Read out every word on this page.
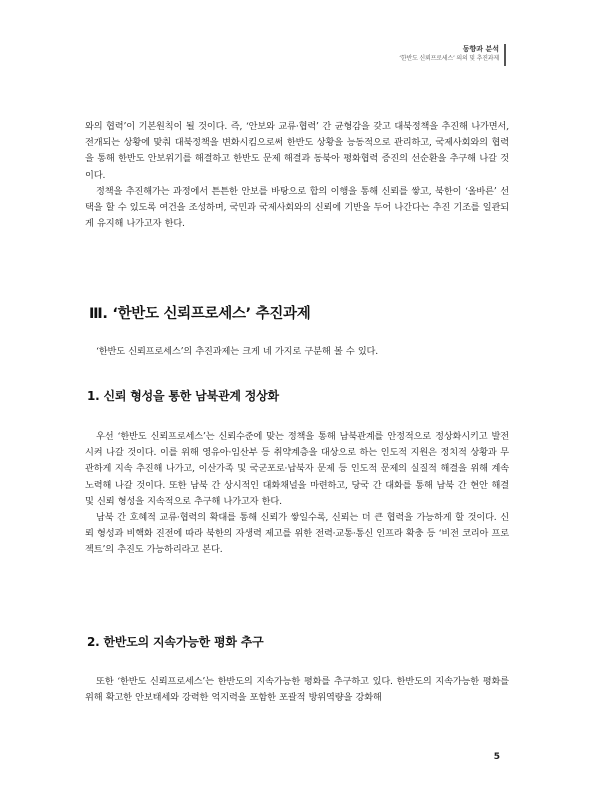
동향과 분석
‘한반도 신뢰프로세스’ 의의 및 추진과제

와의 협력’이 기본원칙이 될 것이다. 즉, ‘안보와 교류·협력’ 간 균형감을 갖고 대북정책을 추진해 나가면서, 전개되는 상황에 맞춰 대북정책을 변화시킴으로써 한반도 상황을 능동적으로 관리하고, 국제사회와의 협력을 통해 한반도 안보위기를 해결하고 한반도 문제 해결과 동북아 평화협력 증진의 선순환을 추구해 나갈 것이다.

정책을 추진해가는 과정에서 튼튼한 안보를 바탕으로 합의 이행을 통해 신뢰를 쌓고, 북한이 ‘올바른’ 선택을 할 수 있도록 여건을 조성하며, 국민과 국제사회와의 신뢰에 기반을 두어 나간다는 추진 기조를 일관되게 유지해 나가고자 한다.

Ⅲ. ‘한반도 신뢰프로세스’ 추진과제

‘한반도 신뢰프로세스’의 추진과제는 크게 네 가지로 구분해 볼 수 있다.

1. 신뢰 형성을 통한 남북관계 정상화

우선 ‘한반도 신뢰프로세스’는 신뢰수준에 맞는 정책을 통해 남북관계를 안정적으로 정상화시키고 발전시켜 나갈 것이다. 이를 위해 영유아·임산부 등 취약계층을 대상으로 하는 인도적 지원은 정치적 상황과 무관하게 지속 추진해 나가고, 이산가족 및 국군포로·납북자 문제 등 인도적 문제의 실질적 해결을 위해 계속 노력해 나갈 것이다. 또한 남북 간 상시적인 대화채널을 마련하고, 당국 간 대화를 통해 남북 간 현안 해결 및 신뢰 형성을 지속적으로 추구해 나가고자 한다.

남북 간 호혜적 교류·협력의 확대를 통해 신뢰가 쌓일수록, 신뢰는 더 큰 협력을 가능하게 할 것이다. 신뢰 형성과 비핵화 진전에 따라 북한의 자생력 제고를 위한 전력·교통·통신 인프라 확충 등 ‘비전 코리아 프로젝트’의 추진도 가능하리라고 본다.

2. 한반도의 지속가능한 평화 추구

또한 ‘한반도 신뢰프로세스’는 한반도의 지속가능한 평화를 추구하고 있다. 한반도의 지속가능한 평화를 위해 확고한 안보태세와 강력한 억지력을 포함한 포괄적 방위역량을 강화해

5
